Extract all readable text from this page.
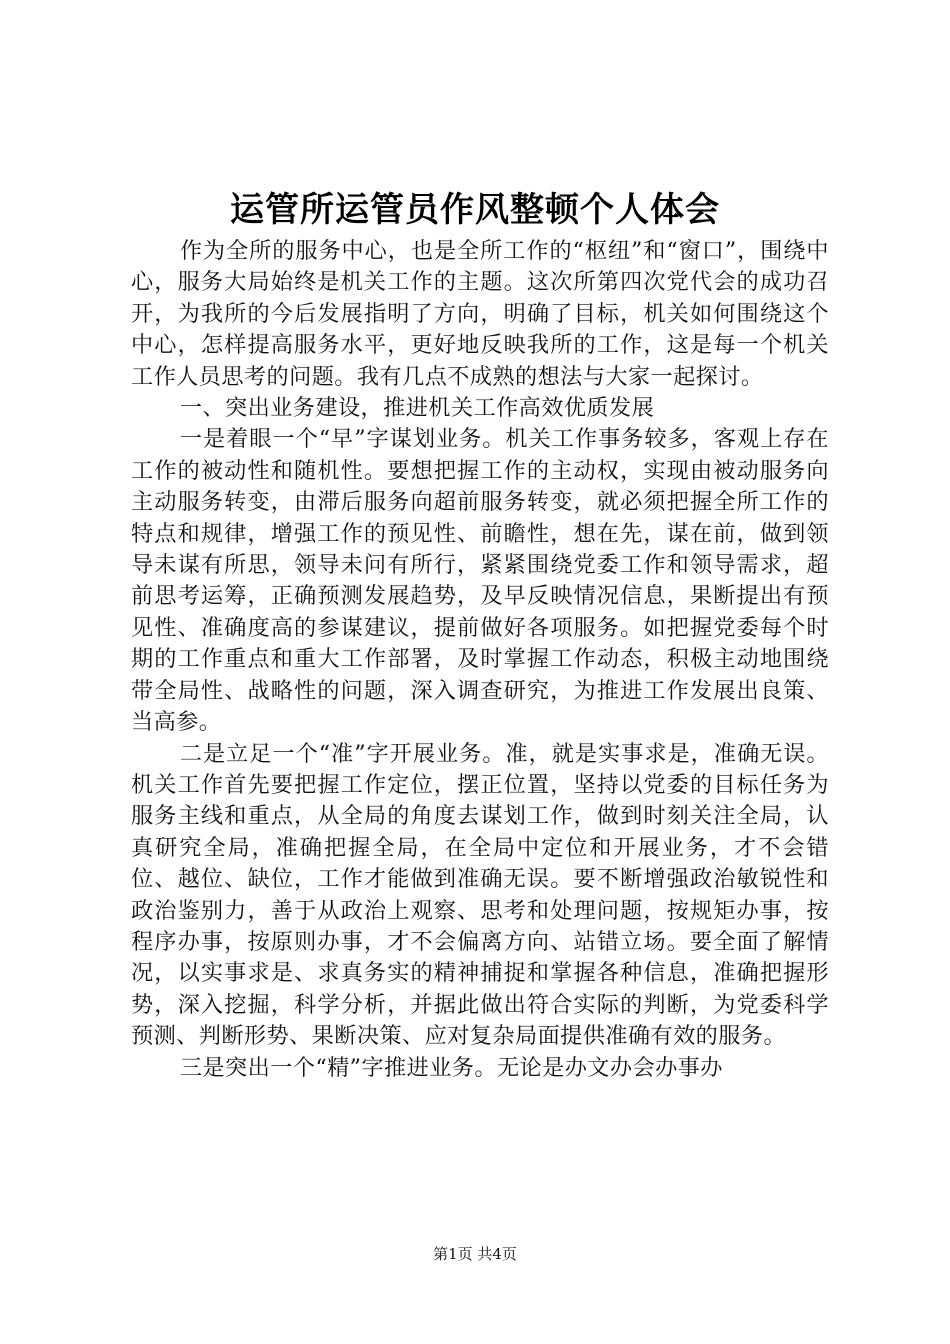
运管所运管员作风整顿个人体会

作为全所的服务中心，也是全所工作的“枢纽”和“窗口”，围绕中心，服务大局始终是机关工作的主题。这次所第四次党代会的成功召开，为我所的今后发展指明了方向，明确了目标，机关如何围绕这个中心，怎样提高服务水平，更好地反映我所的工作，这是每一个机关工作人员思考的问题。我有几点不成熟的想法与大家一起探讨。

一、突出业务建设，推进机关工作高效优质发展

一是着眼一个“早”字谋划业务。机关工作事务较多，客观上存在工作的被动性和随机性。要想把握工作的主动权，实现由被动服务向主动服务转变，由滞后服务向超前服务转变，就必须把握全所工作的特点和规律，增强工作的预见性、前瞻性，想在先，谋在前，做到领导未谋有所思，领导未问有所行，紧紧围绕党委工作和领导需求，超前思考运筹，正确预测发展趋势，及早反映情况信息，果断提出有预见性、准确度高的参谋建议，提前做好各项服务。如把握党委每个时期的工作重点和重大工作部署，及时掌握工作动态，积极主动地围绕带全局性、战略性的问题，深入调查研究，为推进工作发展出良策、当高参。

二是立足一个“准”字开展业务。准，就是实事求是，准确无误。机关工作首先要把握工作定位，摆正位置，坚持以党委的目标任务为服务主线和重点，从全局的角度去谋划工作，做到时刻关注全局，认真研究全局，准确把握全局，在全局中定位和开展业务，才不会错位、越位、缺位，工作才能做到准确无误。要不断增强政治敏锐性和政治鉴别力，善于从政治上观察、思考和处理问题，按规矩办事，按程序办事，按原则办事，才不会偏离方向、站错立场。要全面了解情况，以实事求是、求真务实的精神捕捉和掌握各种信息，准确把握形势，深入挖掘，科学分析，并据此做出符合实际的判断，为党委科学预测、判断形势、果断决策、应对复杂局面提供准确有效的服务。

三是突出一个“精”字推进业务。无论是办文办会办事办

第1页 共4页
